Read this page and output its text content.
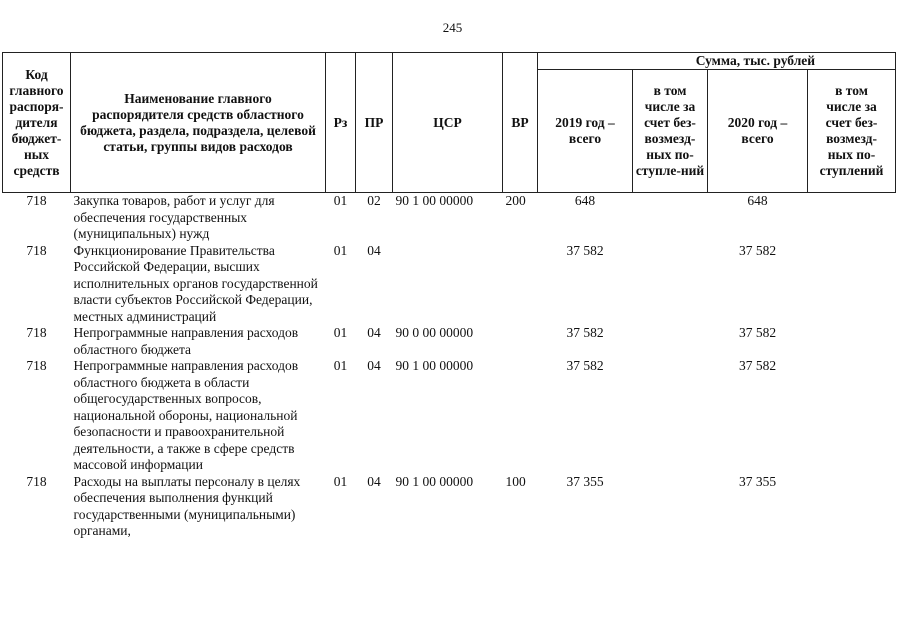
245
Код главного распоря-дителя бюджет-ных средств	Наименование главного распорядителя средств областного бюджета, раздела, подраздела, целевой статьи, группы видов расходов	Рз	ПР	ЦСР	ВР	Сумма, тыс. рублей			
						2019 год – всего	в том числе за счет без-возмезд-ных по-ступле-ний	2020 год – всего	в том числе за счет без-возмезд-ных по-ступлений
718	Закупка товаров, работ и услуг для обеспечения государственных (муниципальных) нужд	01	02	90 1 00 00000	200	648		648	
718	Функционирование Правительства Российской Федерации, высших исполнительных органов государственной власти субъектов Российской Федерации, местных администраций	01	04			37 582		37 582	
718	Непрограммные направления расходов областного бюджета	01	04	90 0 00 00000		37 582		37 582	
718	Непрограммные направления расходов областного бюджета в области общегосударственных вопросов, национальной обороны, национальной безопасности и правоохранительной деятельности, а также в сфере средств массовой информации	01	04	90 1 00 00000		37 582		37 582	
718	Расходы на выплаты персоналу в целях обеспечения выполнения функций государственными (муниципальными) органами,	01	04	90 1 00 00000	100	37 355		37 355	
